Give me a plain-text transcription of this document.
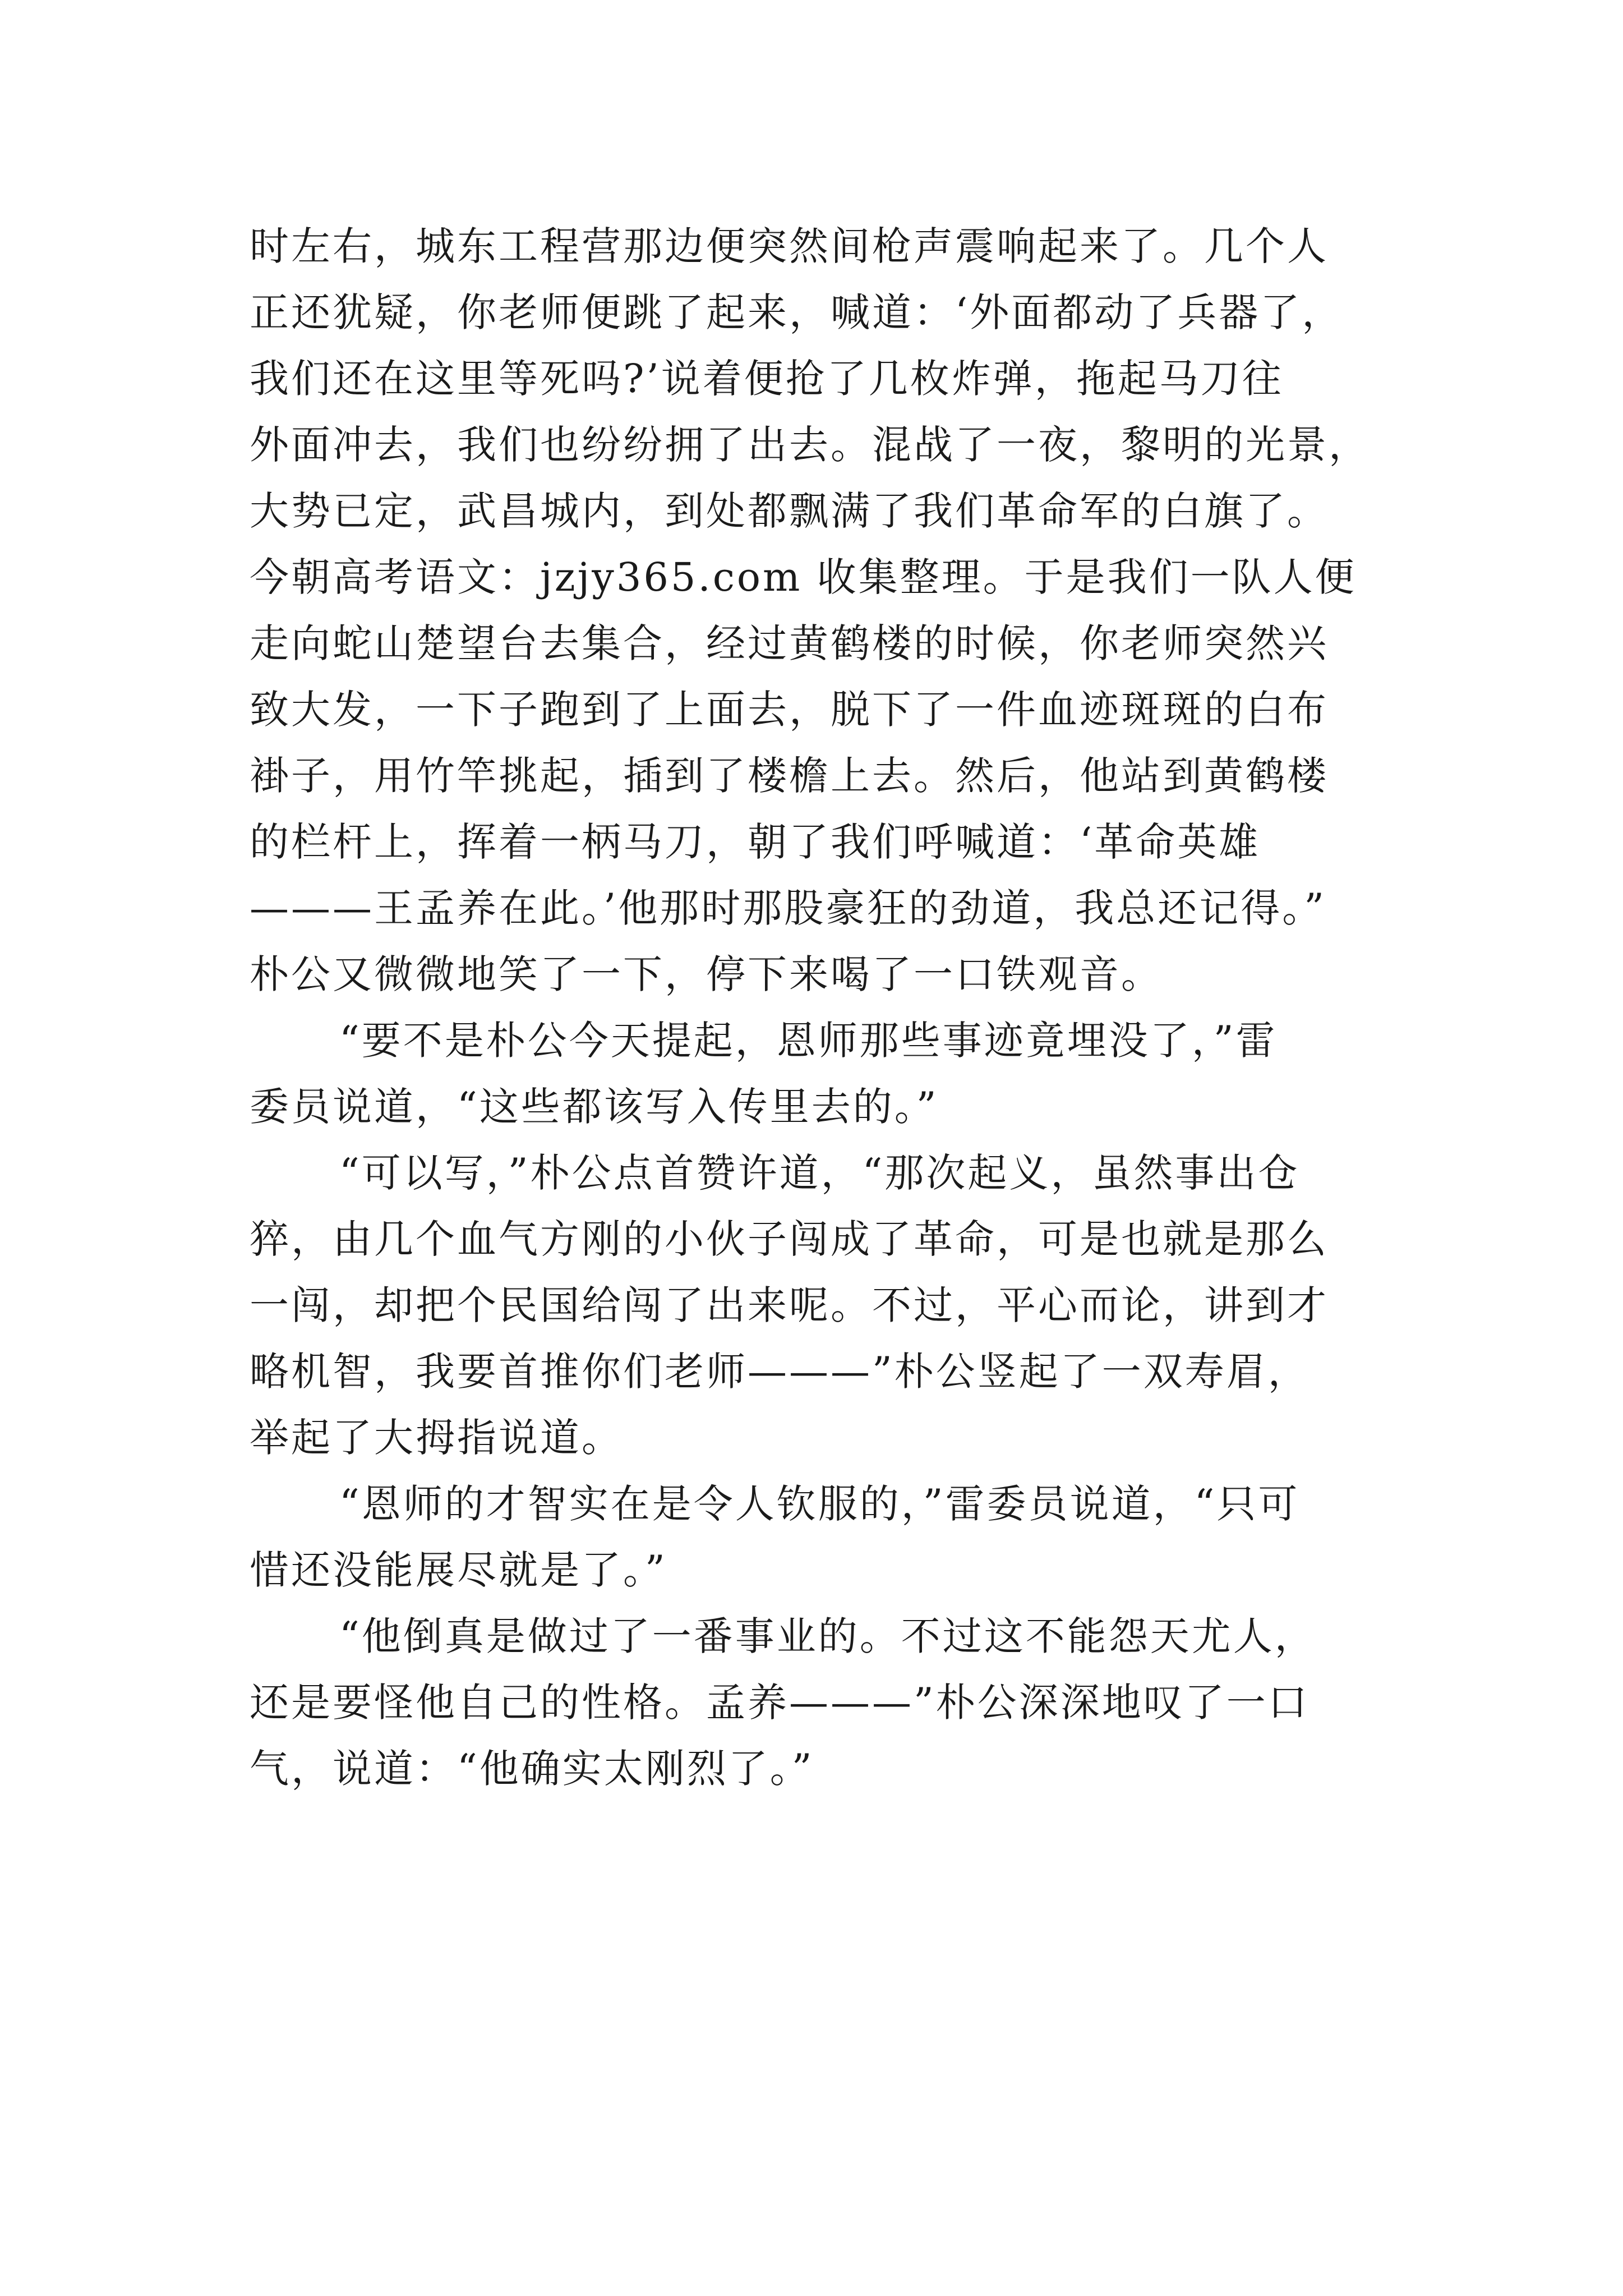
时左右，城东工程营那边便突然间枪声震响起来了。几个人
正还犹疑，你老师便跳了起来，喊道：‘外面都动了兵器了，
我们还在这里等死吗?’说着便抢了几枚炸弹，拖起马刀往
外面冲去，我们也纷纷拥了出去。混战了一夜，黎明的光景，
大势已定，武昌城内，到处都飘满了我们革命军的白旗了。
今朝高考语文：jzjy365.com 收集整理。于是我们一队人便
走向蛇山楚望台去集合，经过黄鹤楼的时候，你老师突然兴
致大发，一下子跑到了上面去，脱下了一件血迹斑斑的白布
褂子，用竹竿挑起，插到了楼檐上去。然后，他站到黄鹤楼
的栏杆上，挥着一柄马刀，朝了我们呼喊道：‘革命英雄
———王孟养在此。’他那时那股豪狂的劲道，我总还记得。”
朴公又微微地笑了一下，停下来喝了一口铁观音。
“要不是朴公今天提起，恩师那些事迹竟埋没了，”雷
委员说道，“这些都该写入传里去的。”
“可以写，”朴公点首赞许道，“那次起义，虽然事出仓
猝，由几个血气方刚的小伙子闯成了革命，可是也就是那么
一闯，却把个民国给闯了出来呢。不过，平心而论，讲到才
略机智，我要首推你们老师———”朴公竖起了一双寿眉，
举起了大拇指说道。
“恩师的才智实在是令人钦服的，”雷委员说道，“只可
惜还没能展尽就是了。”
“他倒真是做过了一番事业的。不过这不能怨天尤人，
还是要怪他自己的性格。孟养———”朴公深深地叹了一口
气，说道：“他确实太刚烈了。”
